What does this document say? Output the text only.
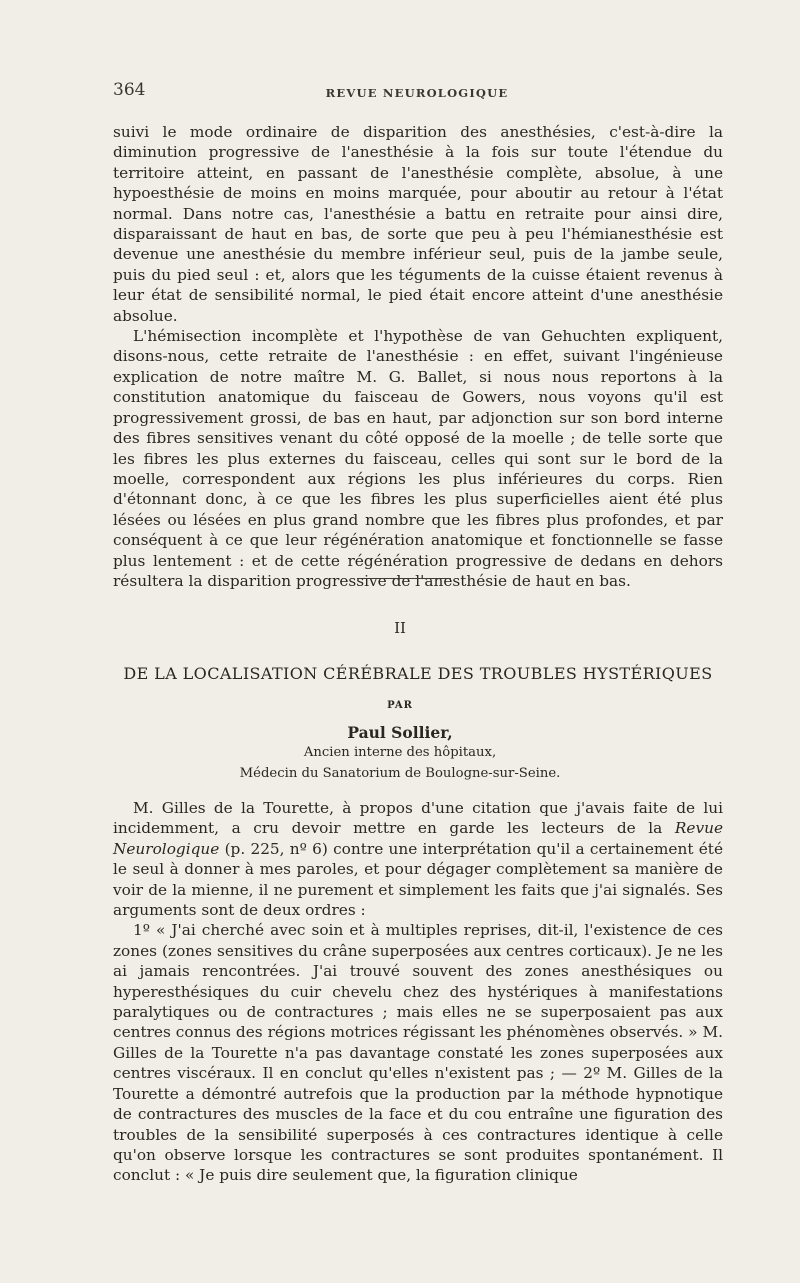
364	REVUE NEUROLOGIQUE

suivi le mode ordinaire de disparition des anesthésies, c'est-à-dire la diminution progressive de l'anesthésie à la fois sur toute l'étendue du territoire atteint, en passant de l'anesthésie complète, absolue, à une hypoesthésie de moins en moins marquée, pour aboutir au retour à l'état normal. Dans notre cas, l'anesthésie a battu en retraite pour ainsi dire, disparaissant de haut en bas, de sorte que peu à peu l'hémianesthésie est devenue une anesthésie du membre inférieur seul, puis de la jambe seule, puis du pied seul : et, alors que les téguments de la cuisse étaient revenus à leur état de sensibilité normal, le pied était encore atteint d'une anesthésie absolue.

L'hémisection incomplète et l'hypothèse de van Gehuchten expliquent, disons-nous, cette retraite de l'anesthésie : en effet, suivant l'ingénieuse explication de notre maître M. G. Ballet, si nous nous reportons à la constitution anatomique du faisceau de Gowers, nous voyons qu'il est progressivement grossi, de bas en haut, par adjonction sur son bord interne des fibres sensitives venant du côté opposé de la moelle ; de telle sorte que les fibres les plus externes du faisceau, celles qui sont sur le bord de la moelle, correspondent aux régions les plus inférieures du corps. Rien d'étonnant donc, à ce que les fibres les plus superficielles aient été plus lésées ou lésées en plus grand nombre que les fibres plus profondes, et par conséquent à ce que leur régénération anatomique et fonctionnelle se fasse plus lentement : et de cette régénération progressive de dedans en dehors résultera la disparition progressive de l'anesthésie de haut en bas.

II
DE LA LOCALISATION CÉRÉBRALE DES TROUBLES HYSTÉRIQUES
PAR
Paul Sollier,
Ancien interne des hôpitaux,
Médecin du Sanatorium de Boulogne-sur-Seine.

M. Gilles de la Tourette, à propos d'une citation que j'avais faite de lui incidemment, a cru devoir mettre en garde les lecteurs de la Revue Neurologique (p. 225, nº 6) contre une interprétation qu'il a certainement été le seul à donner à mes paroles, et pour dégager complètement sa manière de voir de la mienne, il ne purement et simplement les faits que j'ai signalés. Ses arguments sont de deux ordres :

1º « J'ai cherché avec soin et à multiples reprises, dit-il, l'existence de ces zones (zones sensitives du crâne superposées aux centres corticaux). Je ne les ai jamais rencontrées. J'ai trouvé souvent des zones anesthésiques ou hyperesthésiques du cuir chevelu chez des hystériques à manifestations paralytiques ou de contractures ; mais elles ne se superposaient pas aux centres connus des régions motrices régissant les phénomènes observés. » M. Gilles de la Tourette n'a pas davantage constaté les zones superposées aux centres viscéraux. Il en conclut qu'elles n'existent pas ; — 2º M. Gilles de la Tourette a démontré autrefois que la production par la méthode hypnotique de contractures des muscles de la face et du cou entraîne une figuration des troubles de la sensibilité superposés à ces contractures identique à celle qu'on observe lorsque les contractures se sont produites spontanément. Il conclut : « Je puis dire seulement que, la figuration clinique
